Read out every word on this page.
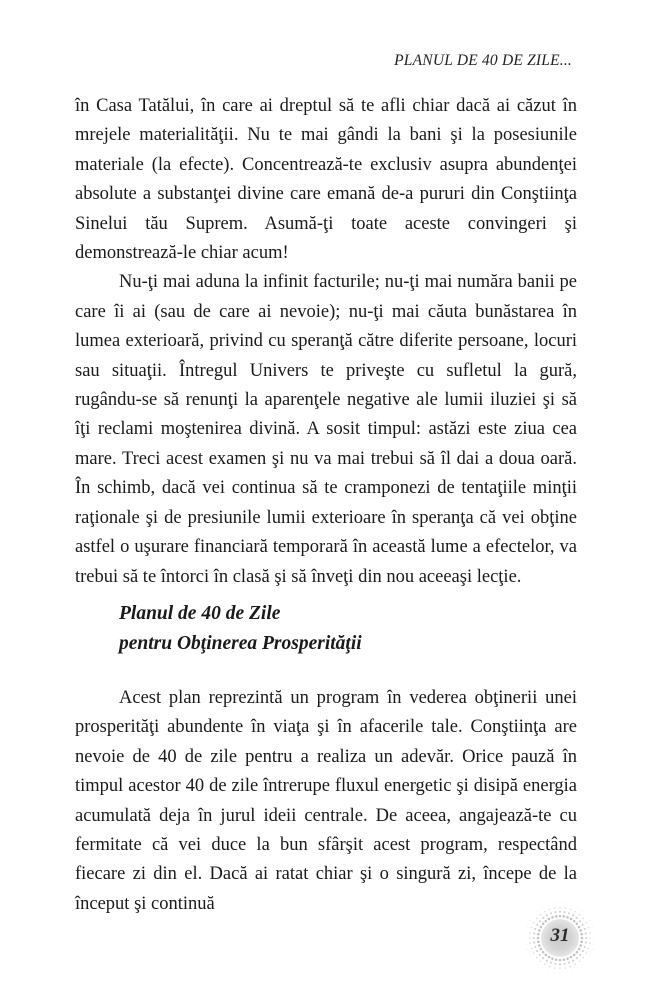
PLANUL DE 40 DE ZILE...

în Casa Tatălui, în care ai dreptul să te afli chiar dacă ai căzut în mrejele materialităţii. Nu te mai gândi la bani şi la posesiunile materiale (la efecte). Concentrează-te exclusiv asupra abundenţei absolute a substanţei divine care emană de-a pururi din Conştiinţa Sinelui tău Suprem. Asumă-ţi toate aceste convingeri şi demonstrează-le chiar acum!

Nu-ţi mai aduna la infinit facturile; nu-ţi mai număra banii pe care îi ai (sau de care ai nevoie); nu-ţi mai căuta bunăstarea în lumea exterioară, privind cu speranţă către diferite persoane, locuri sau situaţii. Întregul Univers te priveşte cu sufletul la gură, rugându-se să renunţi la aparenţele negative ale lumii iluziei şi să îţi reclami moştenirea divină. A sosit timpul: astăzi este ziua cea mare. Treci acest examen şi nu va mai trebui să îl dai a doua oară. În schimb, dacă vei continua să te cramponezi de tentaţiile minţii raţionale şi de presiunile lumii exterioare în speranţa că vei obţine astfel o uşurare financiară temporară în această lume a efectelor, va trebui să te întorci în clasă şi să înveţi din nou aceeaşi lecţie.

Planul de 40 de Zile
pentru Obţinerea Prosperităţii

Acest plan reprezintă un program în vederea obţinerii unei prosperităţi abundente în viaţa şi în afacerile tale. Conştiinţa are nevoie de 40 de zile pentru a realiza un adevăr. Orice pauză în timpul acestor 40 de zile întrerupe fluxul energetic şi disipă energia acumulată deja în jurul ideii centrale. De aceea, angajează-te cu fermitate că vei duce la bun sfârşit acest program, respectând fiecare zi din el. Dacă ai ratat chiar şi o singură zi, începe de la început şi continuă

31
